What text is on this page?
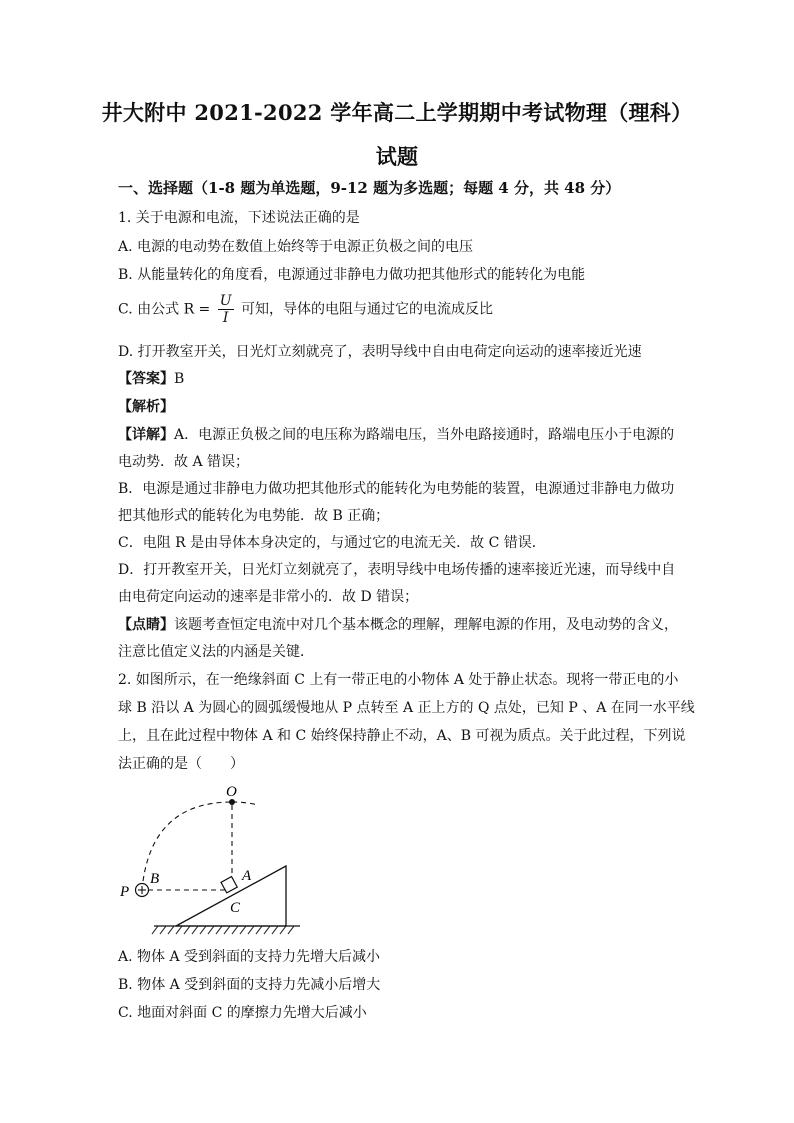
井大附中 2021-2022 学年高二上学期期中考试物理（理科）
试题
一、选择题（1-8 题为单选题，9-12 题为多选题；每题 4 分，共 48 分）
1. 关于电源和电流，下述说法正确的是
A. 电源的电动势在数值上始终等于电源正负极之间的电压
B. 从能量转化的角度看，电源通过非静电力做功把其他形式的能转化为电能
C. 由公式 $R = \frac{U}{I}$ 可知，导体的电阻与通过它的电流成反比
D. 打开教室开关，日光灯立刻就亮了，表明导线中自由电荷定向运动的速率接近光速
【答案】B
【解析】
【详解】A．电源正负极之间的电压称为路端电压，当外电路接通时，路端电压小于电源的
电动势．故 A 错误；
B．电源是通过非静电力做功把其他形式的能转化为电势能的装置，电源通过非静电力做功
把其他形式的能转化为电势能．故 B 正确；
C．电阻 R 是由导体本身决定的，与通过它的电流无关．故 C 错误．
D．打开教室开关，日光灯立刻就亮了，表明导线中电场传播的速率接近光速，而导线中自
由电荷定向运动的速率是非常小的．故 D 错误；
【点睛】该题考查恒定电流中对几个基本概念的理解，理解电源的作用，及电动势的含义，
注意比值定义法的内涵是关键．
2. 如图所示，在一绝缘斜面 C 上有一带正电的小物体 A 处于静止状态。现将一带正电的小
球 B 沿以 A 为圆心的圆弧缓慢地从 P 点转至 A 正上方的 Q 点处，已知 P 、A 在同一水平线
上，且在此过程中物体 A 和 C 始终保持静止不动，A、B 可视为质点。关于此过程，下列说
法正确的是（　　）
O
P
B	A
C
A. 物体 A 受到斜面的支持力先增大后减小
B. 物体 A 受到斜面的支持力先减小后增大
C. 地面对斜面 C 的摩擦力先增大后减小
